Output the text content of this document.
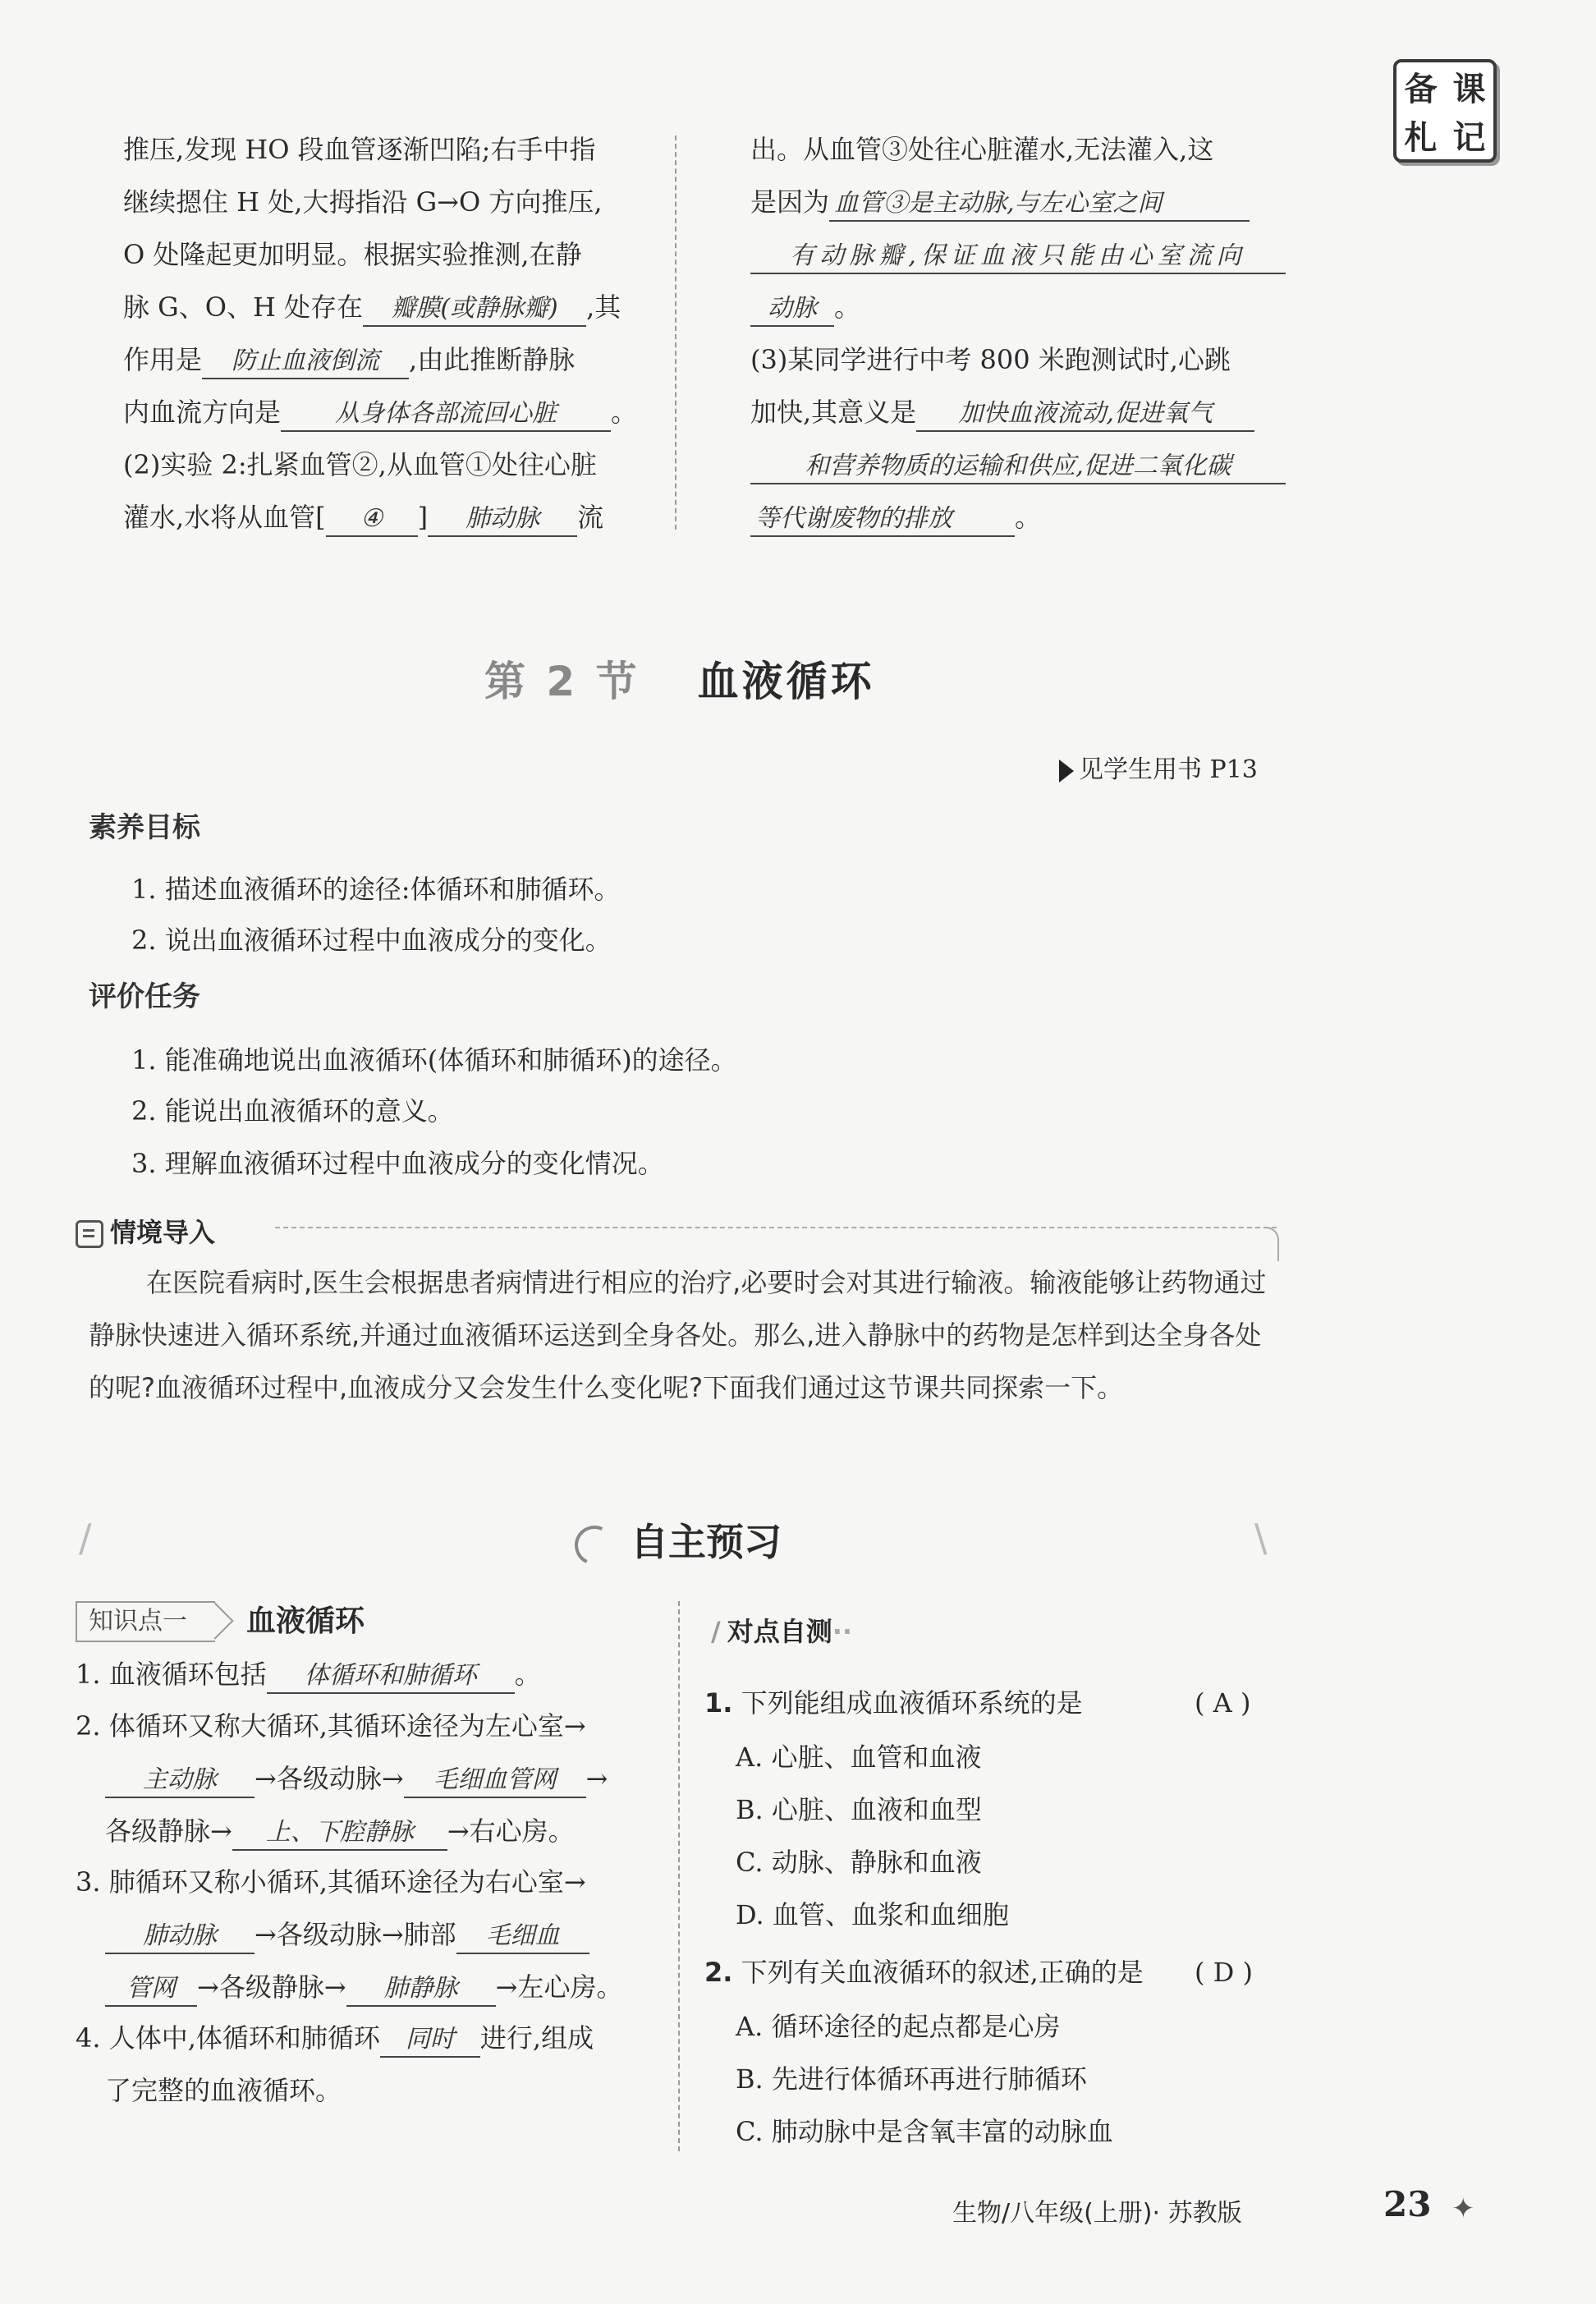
备 课
札 记
推压,发现 HO 段血管逐渐凹陷;右手中指
继续摁住 H 处,大拇指沿 G→O 方向推压,
O 处隆起更加明显。根据实验推测,在静
脉 G、O、H 处存在 瓣膜(或静脉瓣) ,其
作用是 防止血液倒流 ,由此推断静脉
内血流方向是 从身体各部流回心脏 。
(2)实验 2:扎紧血管②,从血管①处往心脏
灌水,水将从血管[ ④ ] 肺动脉 流
出。从血管③处往心脏灌水,无法灌入,这
是因为 血管③是主动脉,与左心室之间
有动脉瓣,保证血液只能由心室流向
动脉 。
(3)某同学进行中考 800 米跑测试时,心跳
加快,其意义是 加快血液流动,促进氧气
和营养物质的运输和供应,促进二氧化碳
等代谢废物的排放 。
第 2 节 血液循环
见学生用书 P13
素养目标
1. 描述血液循环的途径:体循环和肺循环。
2. 说出血液循环过程中血液成分的变化。
评价任务
1. 能准确地说出血液循环(体循环和肺循环)的途径。
2. 能说出血液循环的意义。
3. 理解血液循环过程中血液成分的变化情况。
情境导入
在医院看病时,医生会根据患者病情进行相应的治疗,必要时会对其进行输液。输液能够让药物通过静脉快速进入循环系统,并通过血液循环运送到全身各处。那么,进入静脉中的药物是怎样到达全身各处的呢?血液循环过程中,血液成分又会发生什么变化呢?下面我们通过这节课共同探索一下。
/	\
自主预习
知识点一	血液循环
1. 血液循环包括 体循环和肺循环 。
2. 体循环又称大循环,其循环途径为左心室→
主动脉 →各级动脉→ 毛细血管网 →
各级静脉→ 上、下腔静脉 →右心房。
3. 肺循环又称小循环,其循环途径为右心室→
肺动脉 →各级动脉→肺部 毛细血
管网 →各级静脉→ 肺静脉 →左心房。
4. 人体中,体循环和肺循环 同时 进行,组成
了完整的血液循环。
/ 对点自测··
1. 下列能组成血液循环系统的是	( A )
A. 心脏、血管和血液
B. 心脏、血液和血型
C. 动脉、静脉和血液
D. 血管、血浆和血细胞
2. 下列有关血液循环的叙述,正确的是 ( D )
A. 循环途径的起点都是心房
B. 先进行体循环再进行肺循环
C. 肺动脉中是含氧丰富的动脉血
生物/八年级(上册)· 苏教版	23 ✦
